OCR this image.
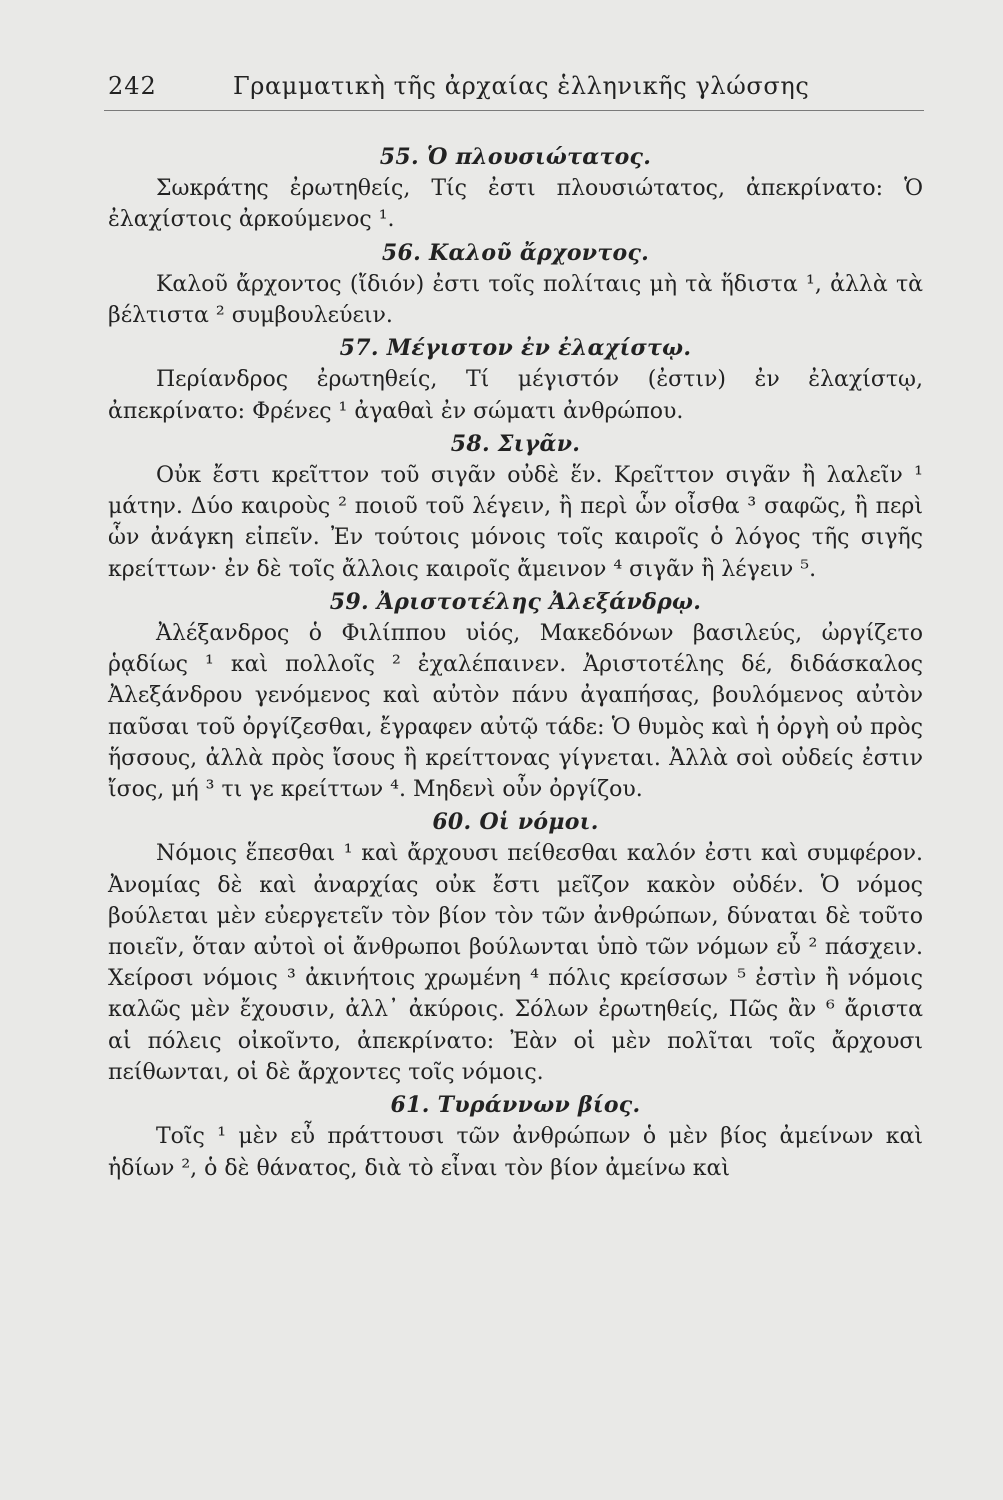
242	Γραμματικὴ τῆς ἀρχαίας ἑλληνικῆς γλώσσης
55. Ὁ πλουσιώτατος.

Σωκράτης ἐρωτηθείς, Τίς ἐστι πλουσιώτατος, ἀπεκρίνατο: Ὁ ἐλαχίστοις ἀρκούμενος ¹.

56. Καλοῦ ἄρχοντος.

Καλοῦ ἄρχοντος (ἴδιόν) ἐστι τοῖς πολίταις μὴ τὰ ἥδιστα ¹, ἀλλὰ τὰ βέλτιστα ² συμβουλεύειν.

57. Μέγιστον ἐν ἐλαχίστῳ.

Περίανδρος ἐρωτηθείς, Τί μέγιστόν (ἐστιν) ἐν ἐλαχίστῳ, ἀπεκρίνατο: Φρένες ¹ ἀγαθαὶ ἐν σώματι ἀνθρώπου.

58. Σιγᾶν.

Οὐκ ἔστι κρεῖττον τοῦ σιγᾶν οὐδὲ ἕν. Κρεῖττον σιγᾶν ἢ λαλεῖν ¹ μάτην. Δύο καιροὺς ² ποιοῦ τοῦ λέγειν, ἢ περὶ ὧν οἶσθα ³ σαφῶς, ἢ περὶ ὧν ἀνάγκη εἰπεῖν. Ἐν τούτοις μόνοις τοῖς καιροῖς ὁ λόγος τῆς σιγῆς κρείττων· ἐν δὲ τοῖς ἄλλοις καιροῖς ἄμεινον ⁴ σιγᾶν ἢ λέγειν ⁵.

59. Ἀριστοτέλης Ἀλεξάνδρῳ.

Ἀλέξανδρος ὁ Φιλίππου υἱός, Μακεδόνων βασιλεύς, ὠργίζετο ῥᾳδίως ¹ καὶ πολλοῖς ² ἐχαλέπαινεν. Ἀριστοτέλης δέ, διδάσκαλος Ἀλεξάνδρου γενόμενος καὶ αὐτὸν πάνυ ἀγαπήσας, βουλόμενος αὐτὸν παῦσαι τοῦ ὀργίζεσθαι, ἔγραφεν αὐτῷ τάδε: Ὁ θυμὸς καὶ ἡ ὀργὴ οὐ πρὸς ἥσσους, ἀλλὰ πρὸς ἴσους ἢ κρείττονας γίγνεται. Ἀλλὰ σοὶ οὐδείς ἐστιν ἴσος, μή ³ τι γε κρείττων ⁴. Μηδενὶ οὖν ὀργίζου.

60. Οἱ νόμοι.

Νόμοις ἕπεσθαι ¹ καὶ ἄρχουσι πείθεσθαι καλόν ἐστι καὶ συμφέρον. Ἀνομίας δὲ καὶ ἀναρχίας οὐκ ἔστι μεῖζον κακὸν οὐδέν. Ὁ νόμος βούλεται μὲν εὐεργετεῖν τὸν βίον τὸν τῶν ἀνθρώπων, δύναται δὲ τοῦτο ποιεῖν, ὅταν αὐτοὶ οἱ ἄνθρωποι βούλωνται ὑπὸ τῶν νόμων εὖ ² πάσχειν. Χείροσι νόμοις ³ ἀκινήτοις χρωμένη ⁴ πόλις κρείσσων ⁵ ἐστὶν ἢ νόμοις καλῶς μὲν ἔχουσιν, ἀλλ᾽ ἀκύροις. Σόλων ἐρωτηθείς, Πῶς ἂν ⁶ ἄριστα αἱ πόλεις οἰκοῖντο, ἀπεκρίνατο: Ἐὰν οἱ μὲν πολῖται τοῖς ἄρχουσι πείθωνται, οἱ δὲ ἄρχοντες τοῖς νόμοις.

61. Τυράννων βίος.

Τοῖς ¹ μὲν εὖ πράττουσι τῶν ἀνθρώπων ὁ μὲν βίος ἀμείνων καὶ ἡδίων ², ὁ δὲ θάνατος, διὰ τὸ εἶναι τὸν βίον ἀμείνω καὶ
